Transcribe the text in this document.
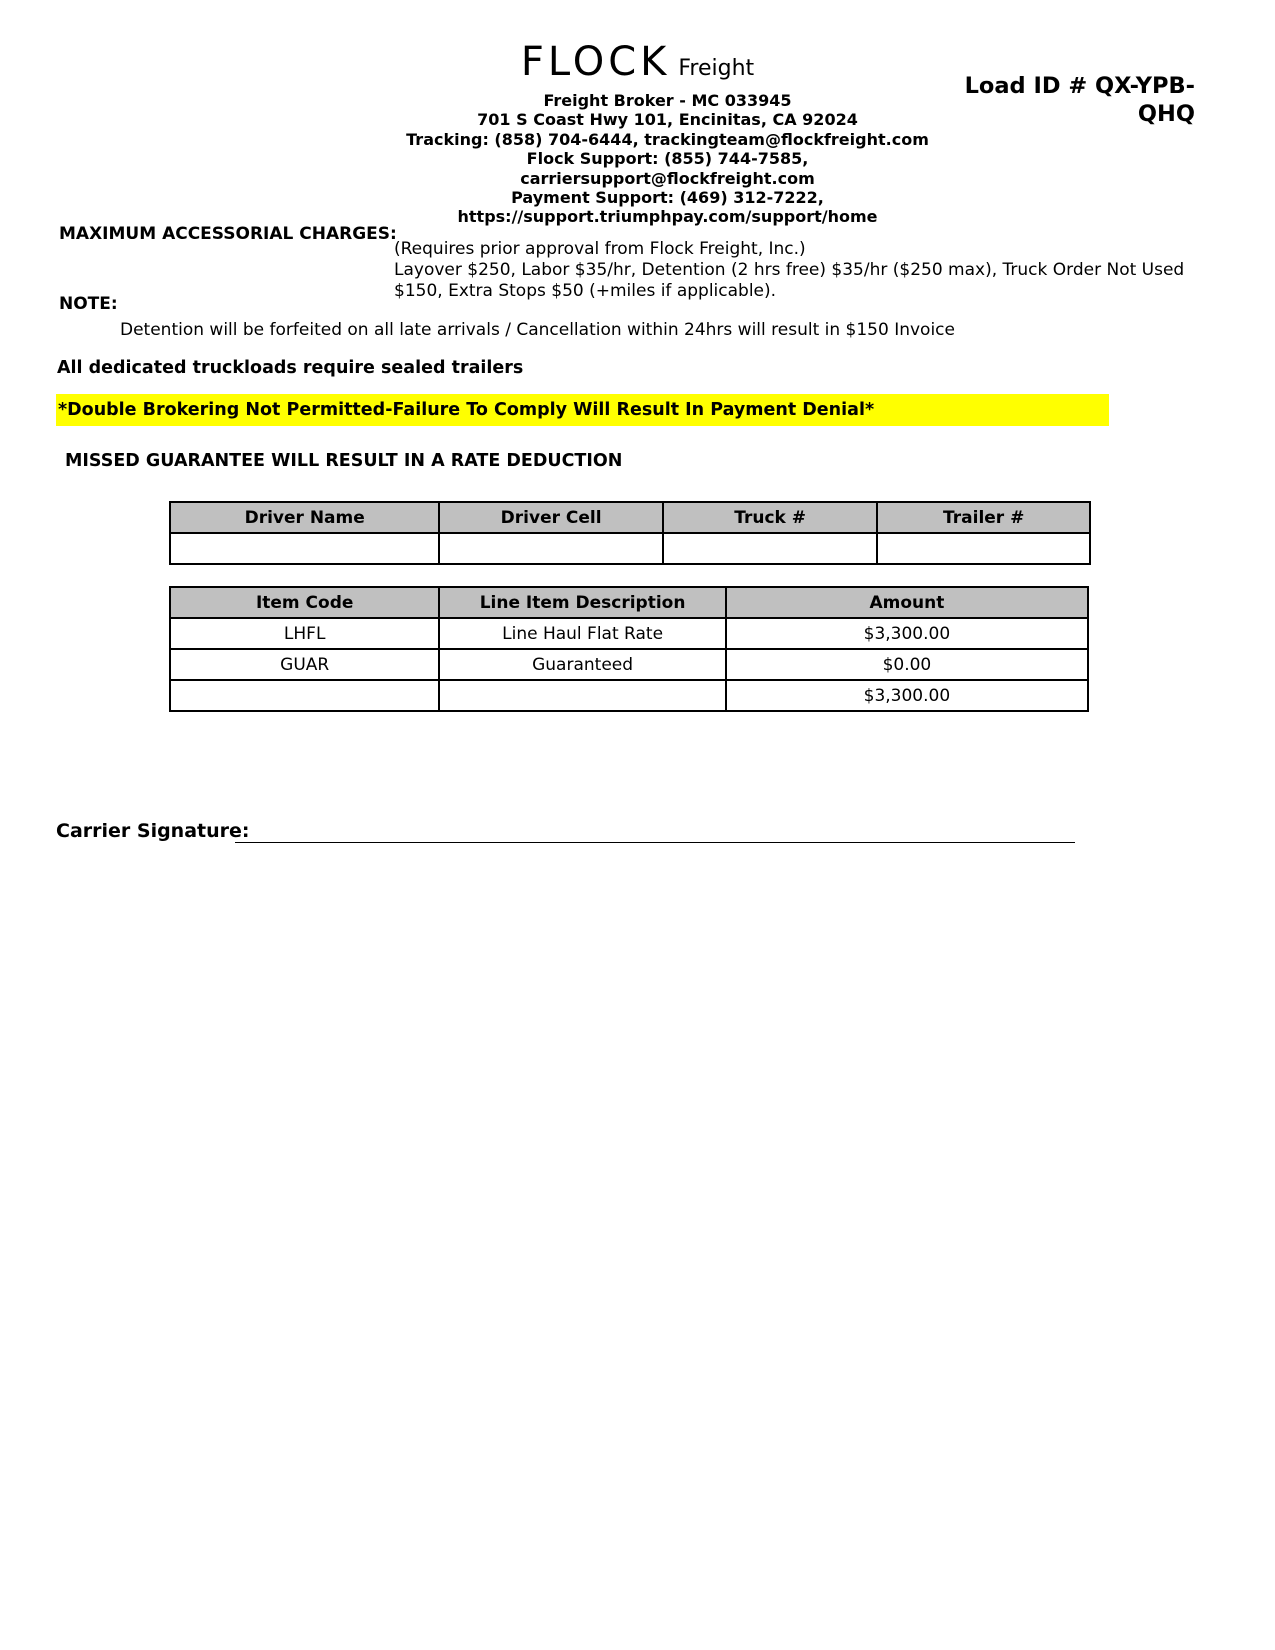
FLOCK Freight
Freight Broker - MC 033945
701 S Coast Hwy 101, Encinitas, CA 92024
Tracking: (858) 704-6444, trackingteam@flockfreight.com
Flock Support: (855) 744-7585,
carriersupport@flockfreight.com
Payment Support: (469) 312-7222,
https://support.triumphpay.com/support/home
Load ID # QX-YPB-
QHQ
MAXIMUM ACCESSORIAL CHARGES:
(Requires prior approval from Flock Freight, Inc.)
Layover $250, Labor $35/hr, Detention (2 hrs free) $35/hr ($250 max), Truck Order Not Used $150, Extra Stops $50 (+miles if applicable).
NOTE:
Detention will be forfeited on all late arrivals / Cancellation within 24hrs will result in $150 Invoice
All dedicated truckloads require sealed trailers
*Double Brokering Not Permitted-Failure To Comply Will Result In Payment Denial*
MISSED GUARANTEE WILL RESULT IN A RATE DEDUCTION
Driver Name	Driver Cell	Truck #	Trailer #

Item Code	Line Item Description	Amount
LHFL	Line Haul Flat Rate	$3,300.00
GUAR	Guaranteed	$0.00
		$3,300.00
Carrier Signature:
